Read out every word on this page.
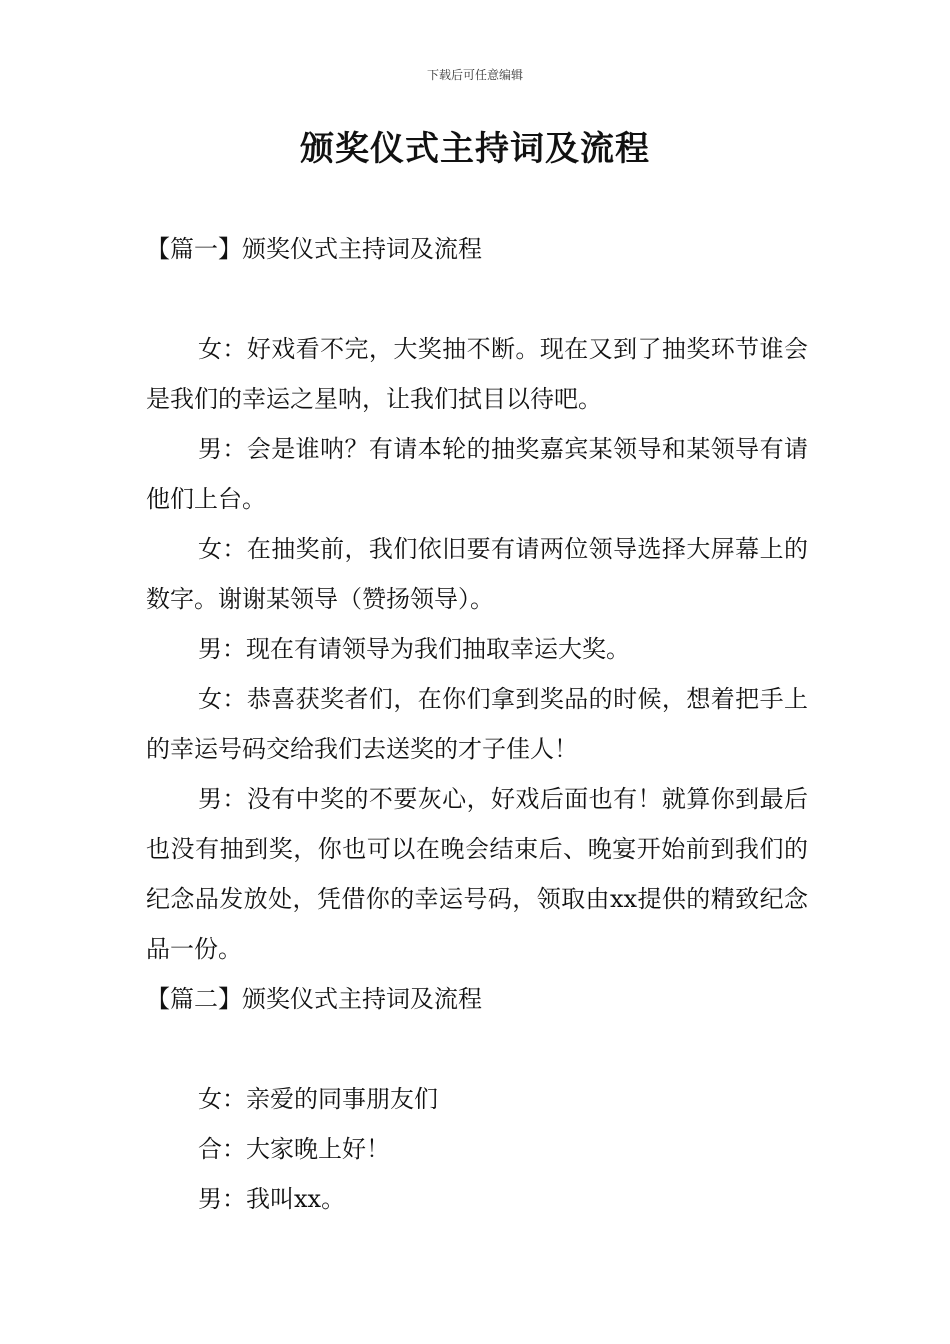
下载后可任意编辑
颁奖仪式主持词及流程
【篇一】颁奖仪式主持词及流程

女：好戏看不完，大奖抽不断。现在又到了抽奖环节谁会是我们的幸运之星呐，让我们拭目以待吧。

男：会是谁呐？有请本轮的抽奖嘉宾某领导和某领导有请他们上台。

女：在抽奖前，我们依旧要有请两位领导选择大屏幕上的数字。谢谢某领导（赞扬领导）。

男：现在有请领导为我们抽取幸运大奖。

女：恭喜获奖者们，在你们拿到奖品的时候，想着把手上的幸运号码交给我们去送奖的才子佳人！

男：没有中奖的不要灰心，好戏后面也有！就算你到最后也没有抽到奖，你也可以在晚会结束后、晚宴开始前到我们的纪念品发放处，凭借你的幸运号码，领取由xx提供的精致纪念品一份。

【篇二】颁奖仪式主持词及流程

女：亲爱的同事朋友们

合：大家晚上好！

男：我叫xx。
